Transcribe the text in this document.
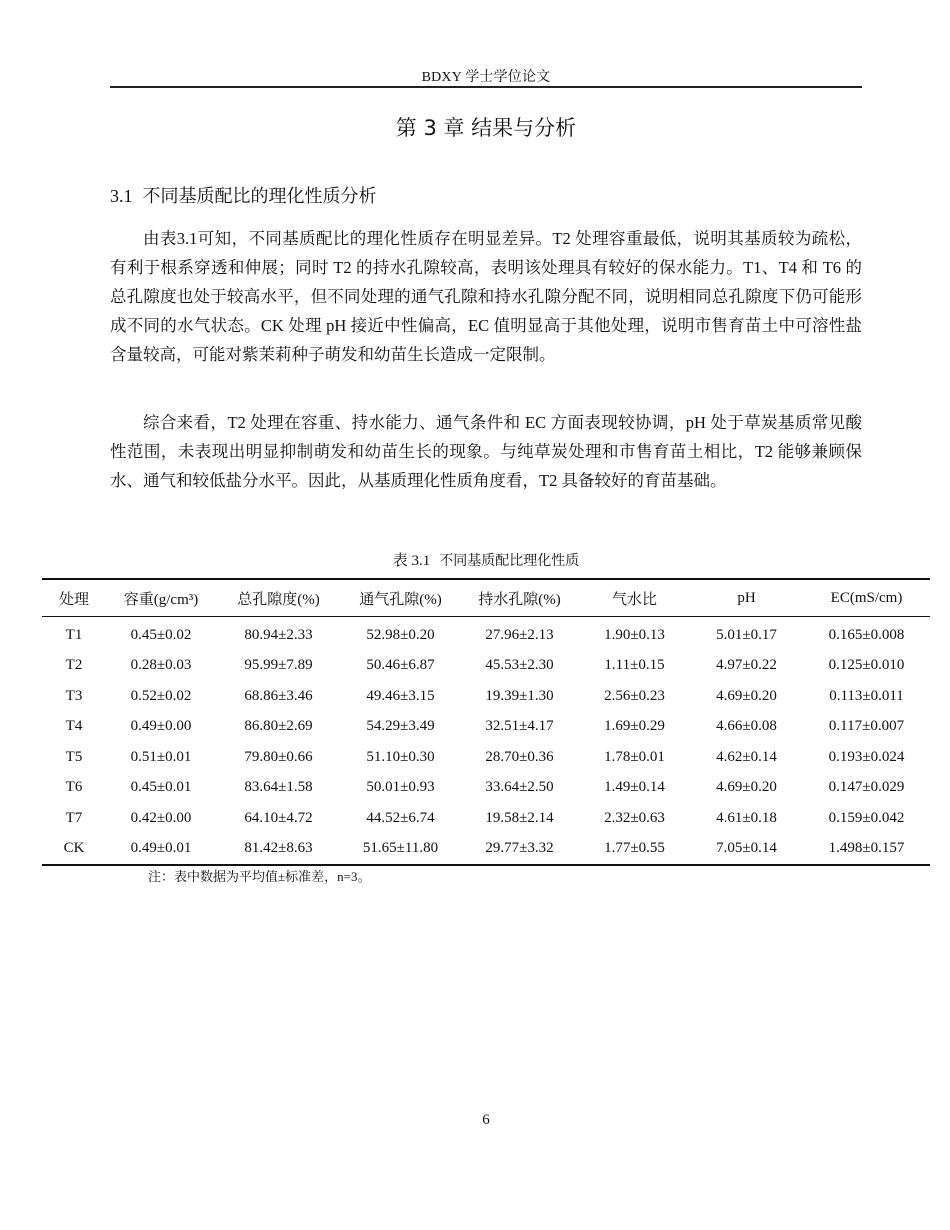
BDXY 学士学位论文
第 3 章 结果与分析
3.1 不同基质配比的理化性质分析

由表3.1可知，不同基质配比的理化性质存在明显差异。T2 处理容重最低，说明其基质较为疏松，有利于根系穿透和伸展；同时 T2 的持水孔隙较高，表明该处理具有较好的保水能力。T1、T4 和 T6 的总孔隙度也处于较高水平，但不同处理的通气孔隙和持水孔隙分配不同，说明相同总孔隙度下仍可能形成不同的水气状态。CK 处理 pH 接近中性偏高，EC 值明显高于其他处理，说明市售育苗土中可溶性盐含量较高，可能对紫茉莉种子萌发和幼苗生长造成一定限制。

综合来看，T2 处理在容重、持水能力、通气条件和 EC 方面表现较协调，pH 处于草炭基质常见酸性范围，未表现出明显抑制萌发和幼苗生长的现象。与纯草炭处理和市售育苗土相比，T2 能够兼顾保水、通气和较低盐分水平。因此，从基质理化性质角度看，T2 具备较好的育苗基础。

表 3.1 不同基质配比理化性质
处理	容重(g/cm³)	总孔隙度(%)	通气孔隙(%)	持水孔隙(%)	气水比	pH	EC(mS/cm)
T1	0.45±0.02	80.94±2.33	52.98±0.20	27.96±2.13	1.90±0.13	5.01±0.17	0.165±0.008
T2	0.28±0.03	95.99±7.89	50.46±6.87	45.53±2.30	1.11±0.15	4.97±0.22	0.125±0.010
T3	0.52±0.02	68.86±3.46	49.46±3.15	19.39±1.30	2.56±0.23	4.69±0.20	0.113±0.011
T4	0.49±0.00	86.80±2.69	54.29±3.49	32.51±4.17	1.69±0.29	4.66±0.08	0.117±0.007
T5	0.51±0.01	79.80±0.66	51.10±0.30	28.70±0.36	1.78±0.01	4.62±0.14	0.193±0.024
T6	0.45±0.01	83.64±1.58	50.01±0.93	33.64±2.50	1.49±0.14	4.69±0.20	0.147±0.029
T7	0.42±0.00	64.10±4.72	44.52±6.74	19.58±2.14	2.32±0.63	4.61±0.18	0.159±0.042
CK	0.49±0.01	81.42±8.63	51.65±11.80	29.77±3.32	1.77±0.55	7.05±0.14	1.498±0.157
注：表中数据为平均值±标准差，n=3。
6
